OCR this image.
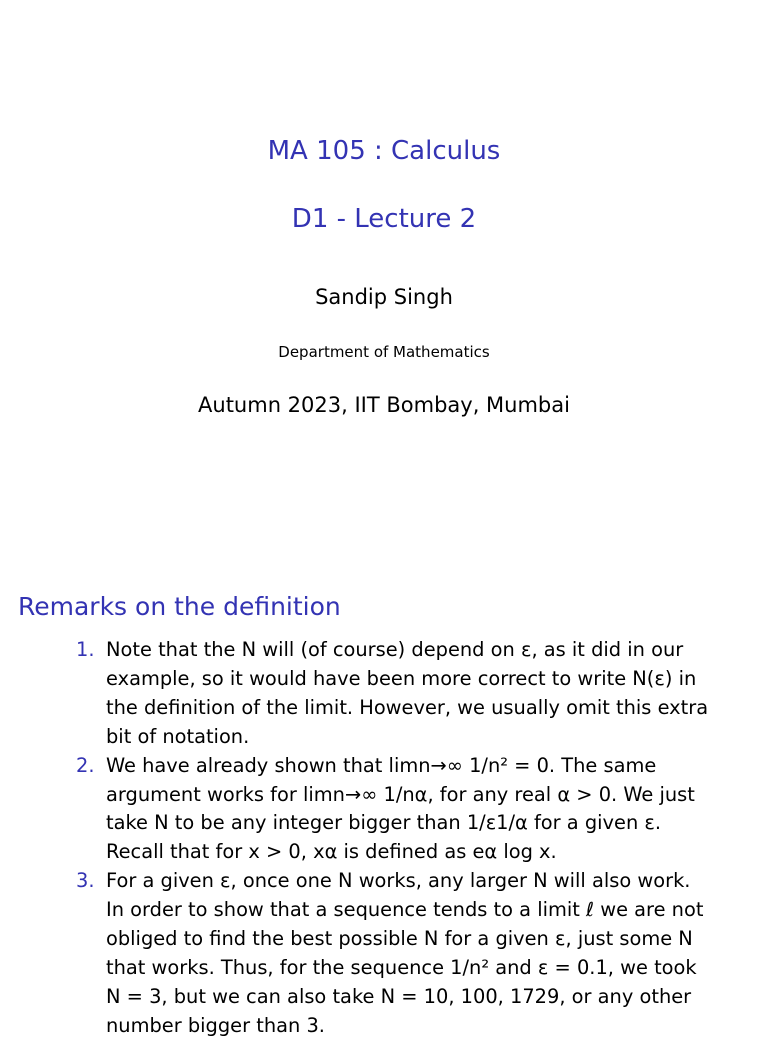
MA 105 : Calculus
D1 - Lecture 2
Sandip Singh
Department of Mathematics
Autumn 2023, IIT Bombay, Mumbai
Remarks on the definition
1. Note that the N will (of course) depend on ε, as it did in our
example, so it would have been more correct to write N(ε) in
the definition of the limit. However, we usually omit this extra
bit of notation.
2. We have already shown that limn→∞ 1/n² = 0. The same
argument works for limn→∞ 1/nα, for any real α > 0. We just
take N to be any integer bigger than 1/ε1/α for a given ε.
Recall that for x > 0, xα is defined as eα log x.
3. For a given ε, once one N works, any larger N will also work.
In order to show that a sequence tends to a limit ℓ we are not
obliged to find the best possible N for a given ε, just some N
that works. Thus, for the sequence 1/n² and ε = 0.1, we took
N = 3, but we can also take N = 10, 100, 1729, or any other
number bigger than 3.
